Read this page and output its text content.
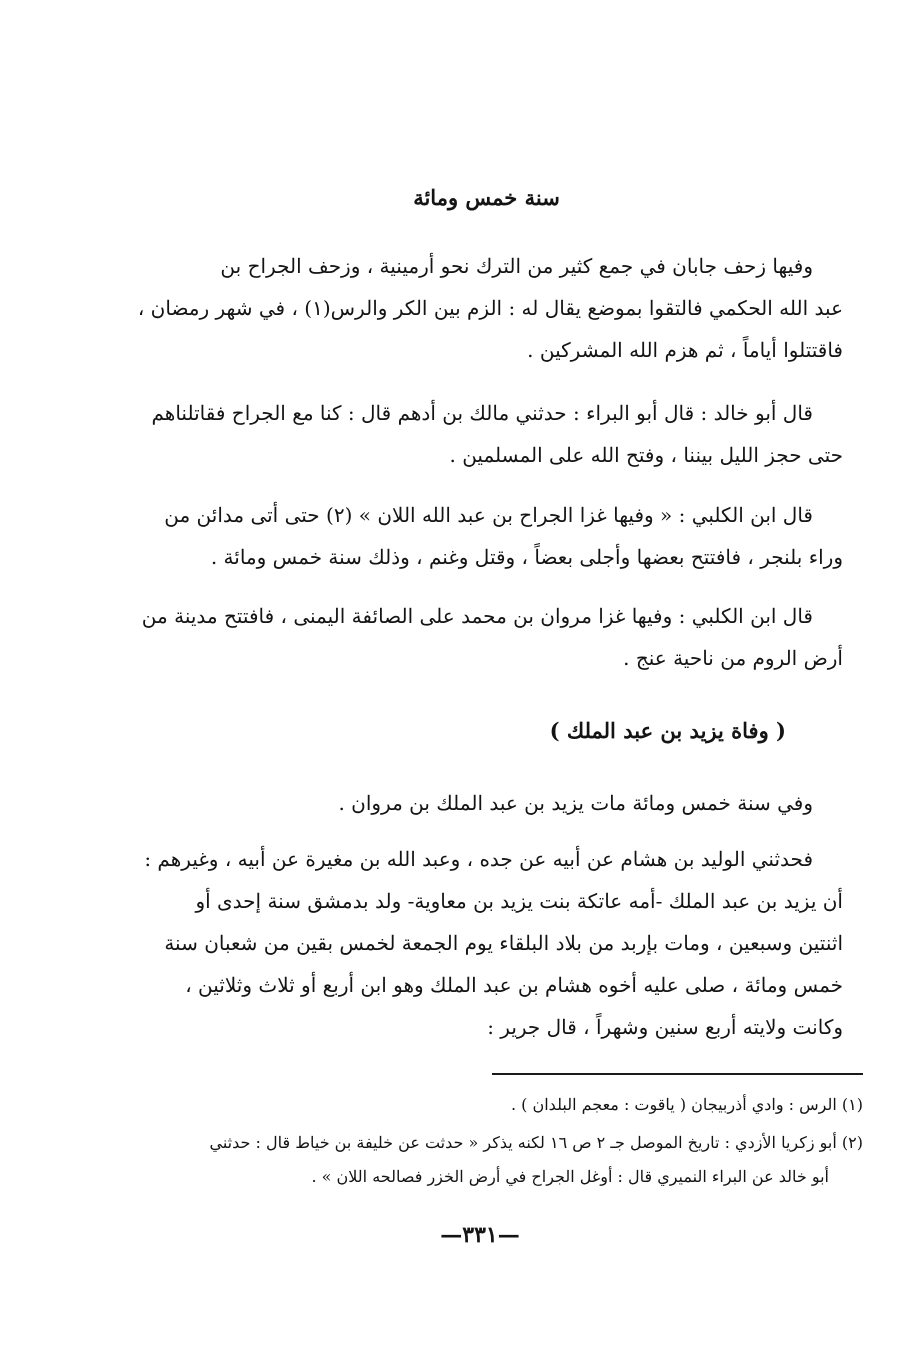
سنة خمس ومائة
وفيها زحف جابان في جمع كثير من الترك نحو أرمينية ، وزحف الجراح بن
عبد الله الحكمي فالتقوا بموضع يقال له : الزم بين الكر والرس(١) ، في شهر رمضان ،
فاقتتلوا أياماً ، ثم هزم الله المشركين .
قال أبو خالد : قال أبو البراء : حدثني مالك بن أدهم قال : كنا مع الجراح فقاتلناهم
حتى حجز الليل بيننا ، وفتح الله على المسلمين .
قال ابن الكلبي : « وفيها غزا الجراح بن عبد الله اللان » (٢) حتى أتى مدائن من
وراء بلنجر ، فافتتح بعضها وأجلى بعضاً ، وقتل وغنم ، وذلك سنة خمس ومائة .
قال ابن الكلبي : وفيها غزا مروان بن محمد على الصائفة اليمنى ، فافتتح مدينة من
أرض الروم من ناحية عنج .
( وفاة يزيد بن عبد الملك )
وفي سنة خمس ومائة مات يزيد بن عبد الملك بن مروان .
فحدثني الوليد بن هشام عن أبيه عن جده ، وعبد الله بن مغيرة عن أبيه ، وغيرهم :
أن يزيد بن عبد الملك -أمه عاتكة بنت يزيد بن معاوية- ولد بدمشق سنة إحدى أو
اثنتين وسبعين ، ومات بإربد من بلاد البلقاء يوم الجمعة لخمس بقين من شعبان سنة
خمس ومائة ، صلى عليه أخوه هشام بن عبد الملك وهو ابن أربع أو ثلاث وثلاثين ،
وكانت ولايته أربع سنين وشهراً ، قال جرير :
(١) الرس : وادي أذربيجان ( ياقوت : معجم البلدان ) .
(٢) أبو زكريا الأزدي : تاريخ الموصل جـ ٢ ص ١٦ لكنه يذكر « حدثت عن خليفة بن خياط قال : حدثني
أبو خالد عن البراء النميري قال : أوغل الجراح في أرض الخزر فصالحه اللان » .
—٣٣١—
